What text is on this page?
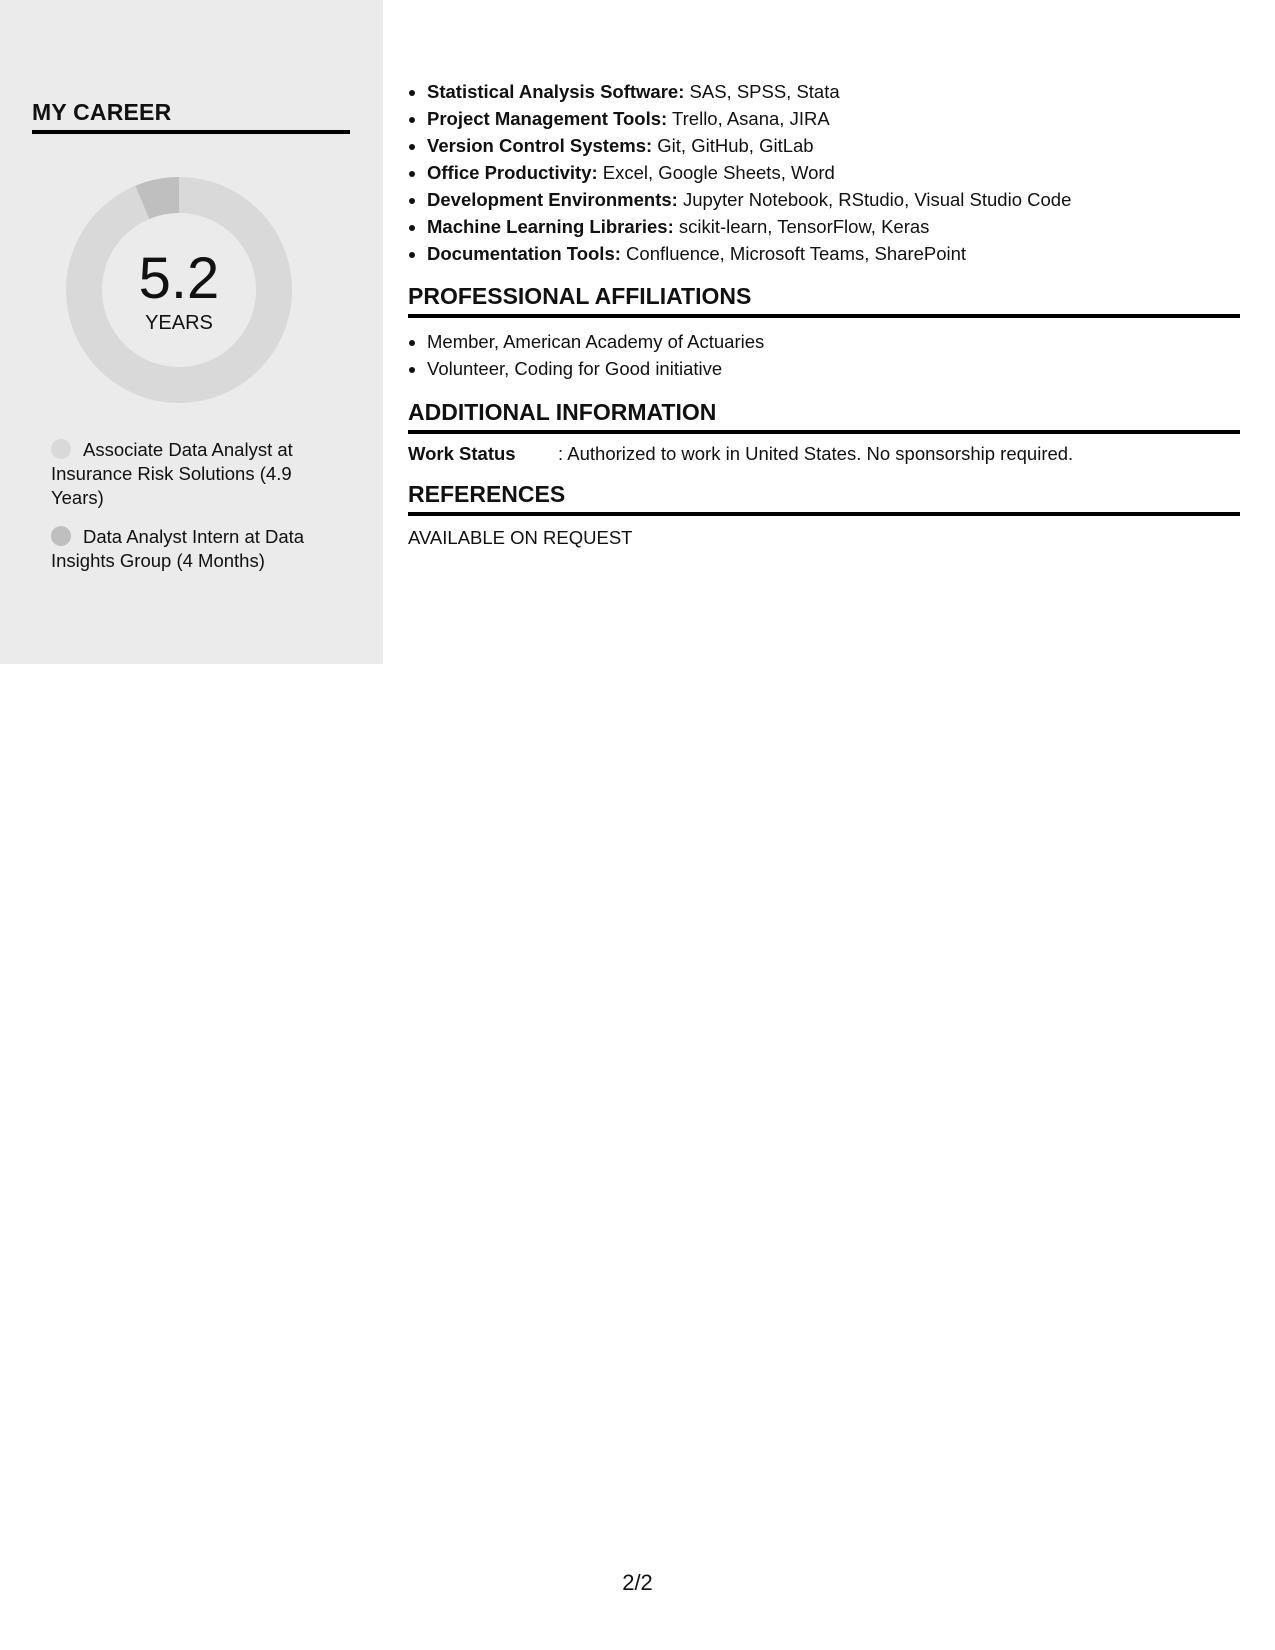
MY CAREER
5.2
YEARS
Associate Data Analyst at Insurance Risk Solutions (4.9 Years)
Data Analyst Intern at Data Insights Group (4 Months)
• Statistical Analysis Software: SAS, SPSS, Stata
• Project Management Tools: Trello, Asana, JIRA
• Version Control Systems: Git, GitHub, GitLab
• Office Productivity: Excel, Google Sheets, Word
• Development Environments: Jupyter Notebook, RStudio, Visual Studio Code
• Machine Learning Libraries: scikit-learn, TensorFlow, Keras
• Documentation Tools: Confluence, Microsoft Teams, SharePoint
PROFESSIONAL AFFILIATIONS
• Member, American Academy of Actuaries
• Volunteer, Coding for Good initiative
ADDITIONAL INFORMATION
Work Status	: Authorized to work in United States. No sponsorship required.
REFERENCES
AVAILABLE ON REQUEST
2/2
